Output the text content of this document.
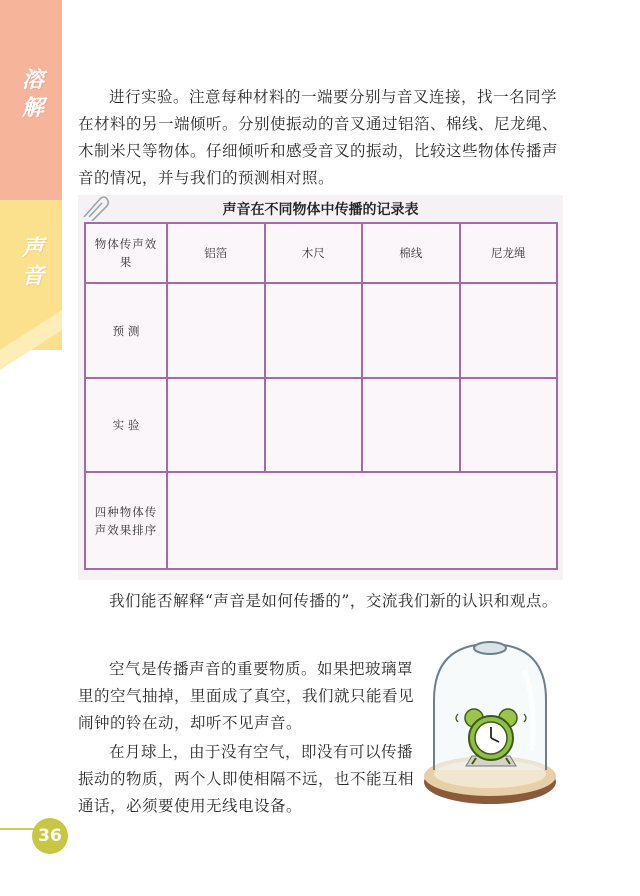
溶
解
声
音

进行实验。注意每种材料的一端要分别与音叉连接，找一名同学在材料的另一端倾听。分别使振动的音叉通过铝箔、棉线、尼龙绳、木制米尺等物体。仔细倾听和感受音叉的振动，比较这些物体传播声音的情况，并与我们的预测相对照。

声音在不同物体中传播的记录表
物体传声效果	铝箔	木尺	棉线	尼龙绳
预 测				
实 验				
四种物体传声效果排序				

我们能否解释“声音是如何传播的”，交流我们新的认识和观点。

空气是传播声音的重要物质。如果把玻璃罩里的空气抽掉，里面成了真空，我们就只能看见闹钟的铃在动，却听不见声音。

在月球上，由于没有空气，即没有可以传播振动的物质，两个人即使相隔不远，也不能互相通话，必须要使用无线电设备。

36
